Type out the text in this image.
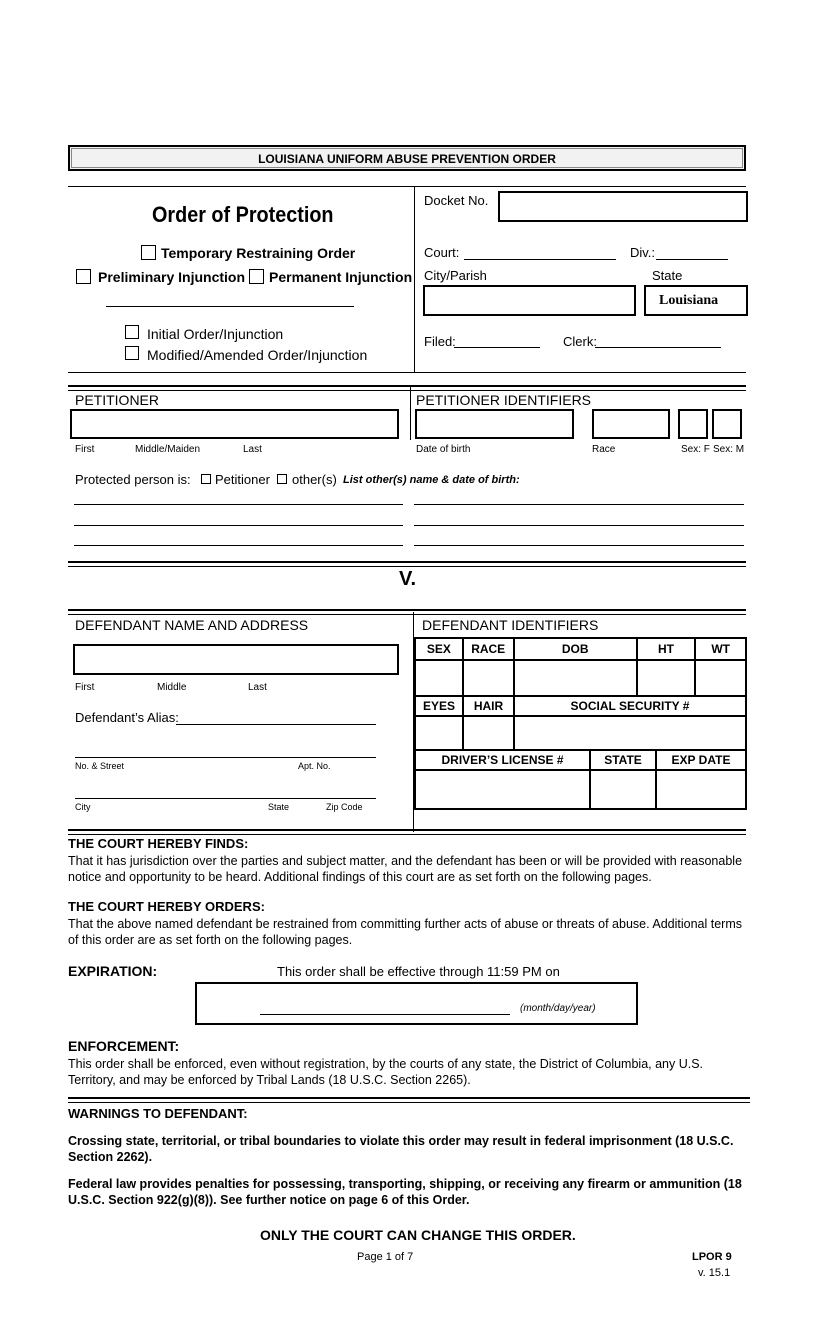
LOUISIANA UNIFORM ABUSE PREVENTION ORDER
Order of Protection
Temporary Restraining Order
Preliminary Injunction Permanent Injunction
Initial Order/Injunction
Modified/Amended Order/Injunction
Docket No.
Court:	Div.:
City/Parish	State
Louisiana
Filed:	Clerk:
PETITIONER	PETITIONER IDENTIFIERS
First	Middle/Maiden	Last	Date of birth	Race	Sex: F Sex: M
Protected person is: Petitioner other(s) List other(s) name & date of birth:
V.
DEFENDANT NAME AND ADDRESS	DEFENDANT IDENTIFIERS
First	Middle	Last
Defendant’s Alias:
No. & Street	Apt. No.
City	State	Zip Code
SEX	RACE	DOB	HT	WT

EYES	HAIR	SOCIAL SECURITY #

DRIVER’S LICENSE #	STATE	EXP DATE

THE COURT HEREBY FINDS:
That it has jurisdiction over the parties and subject matter, and the defendant has been or will be provided with reasonable notice and opportunity to be heard. Additional findings of this court are as set forth on the following pages.
THE COURT HEREBY ORDERS:
That the above named defendant be restrained from committing further acts of abuse or threats of abuse. Additional terms of this order are as set forth on the following pages.
EXPIRATION:	This order shall be effective through 11:59 PM on
(month/day/year)
ENFORCEMENT:
This order shall be enforced, even without registration, by the courts of any state, the District of Columbia, any U.S. Territory, and may be enforced by Tribal Lands (18 U.S.C. Section 2265).
WARNINGS TO DEFENDANT:
Crossing state, territorial, or tribal boundaries to violate this order may result in federal imprisonment (18 U.S.C. Section 2262).
Federal law provides penalties for possessing, transporting, shipping, or receiving any firearm or ammunition (18 U.S.C. Section 922(g)(8)). See further notice on page 6 of this Order.
ONLY THE COURT CAN CHANGE THIS ORDER.
Page 1 of 7	LPOR 9
v. 15.1
